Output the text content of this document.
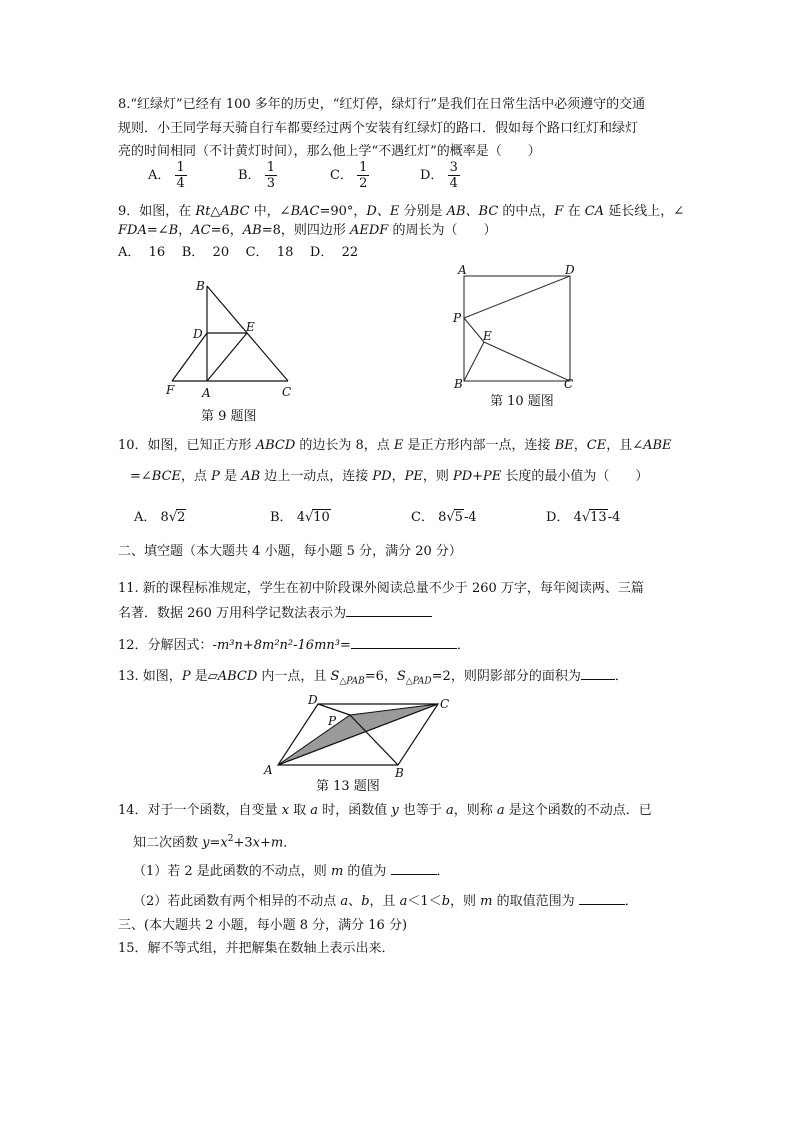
8.“红绿灯”已经有 100 多年的历史，“红灯停，绿灯行”是我们在日常生活中必须遵守的交通
规则．小王同学每天骑自行车都要经过两个安装有红绿灯的路口．假如每个路口红灯和绿灯
亮的时间相同（不计黄灯时间），那么他上学“不遇红灯”的概率是（　　）
A． $\frac{1}{4}$	B． $\frac{1}{3}$	C． $\frac{1}{2}$	D． $\frac{3}{4}$
9．如图，在 Rt△ABC 中，∠BAC=90°，D、E 分别是 AB、BC 的中点，F 在 CA 延长线上，∠
FDA=∠B，AC=6，AB=8，则四边形 AEDF 的周长为（　　）
A．  16    B．  20    C．  18    D．  22
B
D	E
F A	C
第 9 题图
A	D
P
E
B	C
第 10 题图
10．如图，已知正方形 ABCD 的边长为 8，点 E 是正方形内部一点，连接 BE，CE，且∠ABE
=∠BCE，点 P 是 AB 边上一动点，连接 PD，PE，则 PD+PE 长度的最小值为（　　）
A． 8√2	B． 4√10	C． 8√5-4	D． 4√13-4
二、填空题（本大题共 4 小题，每小题 5 分，满分 20 分）
11. 新的课程标准规定，学生在初中阶段课外阅读总量不少于 260 万字，每年阅读两、三篇
名著．数据 260 万用科学记数法表示为
12．分解因式：-m³n+8m²n²-16mn³=	．
13. 如图，P 是▱ABCD 内一点，且 $S_{\triangle PAB}=6$，$S_{\triangle PAD}=2$，则阴影部分的面积为	．
D	C
P
A	B
第 13 题图
14．对于一个函数，自变量 x 取 a 时，函数值 y 也等于 a，则称 a 是这个函数的不动点．已
知二次函数 $y=x^2+3x+m$．
（1）若 2 是此函数的不动点，则 m 的值为	．
（2）若此函数有两个相异的不动点 a、b，且 a＜1＜b，则 m 的取值范围为	．
三、(本大题共 2 小题，每小题 8 分，满分 16 分)
15．解不等式组，并把解集在数轴上表示出来．
